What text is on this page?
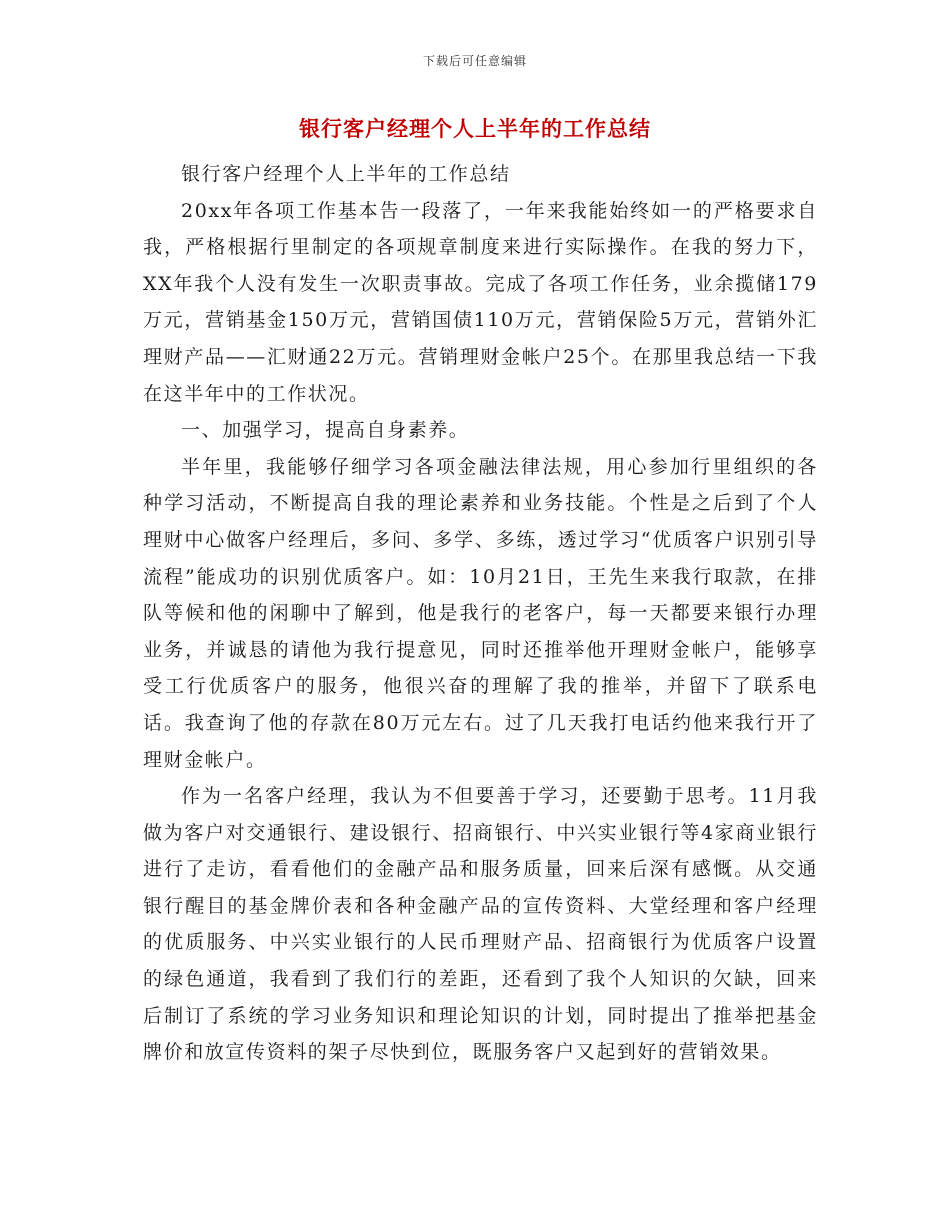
下载后可任意编辑
银行客户经理个人上半年的工作总结

银行客户经理个人上半年的工作总结

20xx年各项工作基本告一段落了，一年来我能始终如一的严格要求自我，严格根据行里制定的各项规章制度来进行实际操作。在我的努力下，XX年我个人没有发生一次职责事故。完成了各项工作任务，业余揽储179万元，营销基金150万元，营销国债110万元，营销保险5万元，营销外汇理财产品——汇财通22万元。营销理财金帐户25个。在那里我总结一下我在这半年中的工作状况。

一、加强学习，提高自身素养。

半年里，我能够仔细学习各项金融法律法规，用心参加行里组织的各种学习活动，不断提高自我的理论素养和业务技能。个性是之后到了个人理财中心做客户经理后，多问、多学、多练，透过学习“优质客户识别引导流程”能成功的识别优质客户。如：10月21日，王先生来我行取款，在排队等候和他的闲聊中了解到，他是我行的老客户，每一天都要来银行办理业务，并诚恳的请他为我行提意见，同时还推举他开理财金帐户，能够享受工行优质客户的服务，他很兴奋的理解了我的推举，并留下了联系电话。我查询了他的存款在80万元左右。过了几天我打电话约他来我行开了理财金帐户。

作为一名客户经理，我认为不但要善于学习，还要勤于思考。11月我做为客户对交通银行、建设银行、招商银行、中兴实业银行等4家商业银行进行了走访，看看他们的金融产品和服务质量，回来后深有感慨。从交通银行醒目的基金牌价表和各种金融产品的宣传资料、大堂经理和客户经理的优质服务、中兴实业银行的人民币理财产品、招商银行为优质客户设置的绿色通道，我看到了我们行的差距，还看到了我个人知识的欠缺，回来后制订了系统的学习业务知识和理论知识的计划，同时提出了推举把基金牌价和放宣传资料的架子尽快到位，既服务客户又起到好的营销效果。
